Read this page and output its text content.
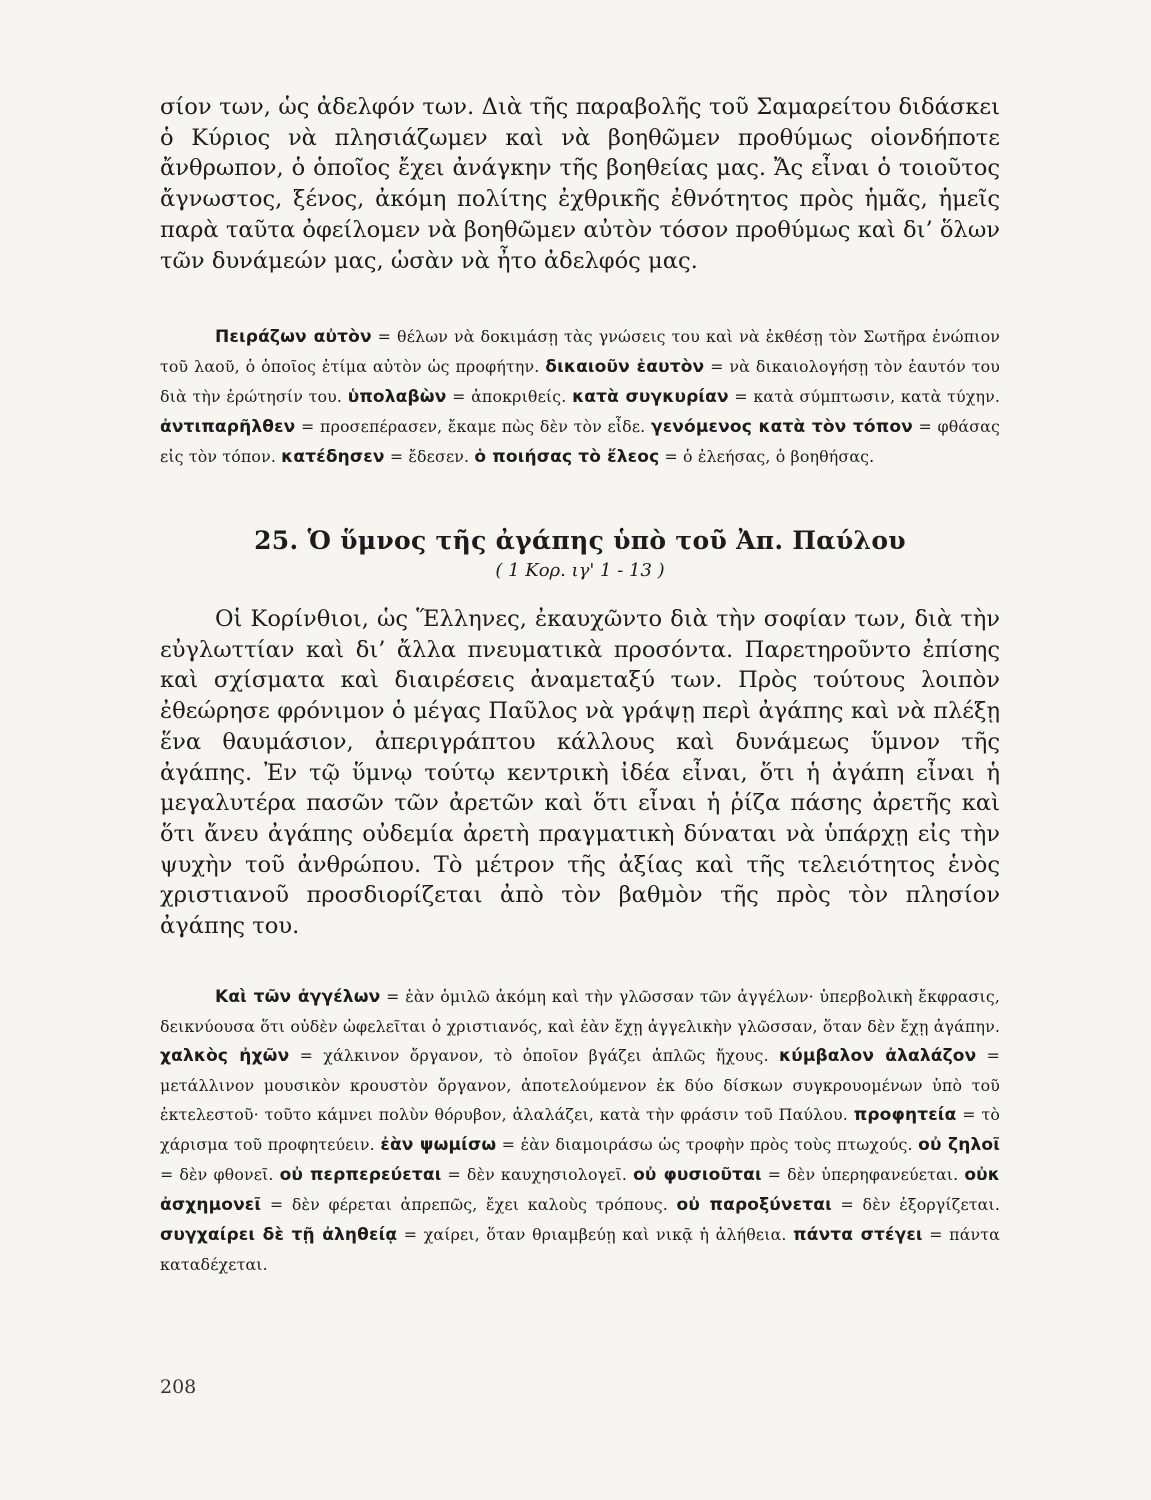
σίον των, ὡς ἀδελφόν των. Διὰ τῆς παραβολῆς τοῦ Σαμαρείτου διδάσκει ὁ Κύριος νὰ πλησιάζωμεν καὶ νὰ βοηθῶμεν προθύμως οἱονδήποτε ἄνθρωπον, ὁ ὁποῖος ἔχει ἀνάγκην τῆς βοηθείας μας. Ἄς εἶναι ὁ τοιοῦτος ἄγνωστος, ξένος, ἀκόμη πολίτης ἐχθρικῆς ἐθνότητος πρὸς ἡμᾶς, ἡμεῖς παρὰ ταῦτα ὀφείλομεν νὰ βοηθῶμεν αὐτὸν τόσον προθύμως καὶ δι’ ὅλων τῶν δυνάμεών μας, ὡσὰν νὰ ἦτο ἀδελφός μας.

Πειράζων αὐτὸν = θέλων νὰ δοκιμάσῃ τὰς γνώσεις του καὶ νὰ ἐκθέσῃ τὸν Σωτῆρα ἐνώπιον τοῦ λαοῦ, ὁ ὁποῖος ἐτίμα αὐτὸν ὡς προφήτην. δικαιοῦν ἑαυτὸν = νὰ δικαιολογήσῃ τὸν ἑαυτόν του διὰ τὴν ἐρώτησίν του. ὑπολαβὼν = ἀποκριθείς. κατὰ συγκυρίαν = κατὰ σύμπτωσιν, κατὰ τύχην. ἀντιπαρῆλθεν = προσεπέρασεν, ἔκαμε πὼς δὲν τὸν εἶδε. γενόμενος κατὰ τὸν τόπον = φθάσας εἰς τὸν τόπον. κατέδησεν = ἔδεσεν. ὁ ποιήσας τὸ ἔλεος = ὁ ἐλεήσας, ὁ βοηθήσας.

25. Ὁ ὕμνος τῆς ἀγάπης ὑπὸ τοῦ Ἀπ. Παύλου

( 1 Κορ. ιγ' 1 - 13 )

Οἱ Κορίνθιοι, ὡς Ἕλληνες, ἐκαυχῶντο διὰ τὴν σοφίαν των, διὰ τὴν εὐγλωττίαν καὶ δι’ ἄλλα πνευματικὰ προσόντα. Παρετηροῦντο ἐπίσης καὶ σχίσματα καὶ διαιρέσεις ἀναμεταξύ των. Πρὸς τούτους λοιπὸν ἐθεώρησε φρόνιμον ὁ μέγας Παῦλος νὰ γράψῃ περὶ ἀγάπης καὶ νὰ πλέξῃ ἕνα θαυμάσιον, ἀπεριγράπτου κάλλους καὶ δυνάμεως ὕμνον τῆς ἀγάπης. Ἐν τῷ ὕμνῳ τούτῳ κεντρικὴ ἰδέα εἶναι, ὅτι ἡ ἀγάπη εἶναι ἡ μεγαλυτέρα πασῶν τῶν ἀρετῶν καὶ ὅτι εἶναι ἡ ῥίζα πάσης ἀρετῆς καὶ ὅτι ἄνευ ἀγάπης οὐδεμία ἀρετὴ πραγματικὴ δύναται νὰ ὑπάρχῃ εἰς τὴν ψυχὴν τοῦ ἀνθρώπου. Τὸ μέτρον τῆς ἀξίας καὶ τῆς τελειότητος ἑνὸς χριστιανοῦ προσδιορίζεται ἀπὸ τὸν βαθμὸν τῆς πρὸς τὸν πλησίον ἀγάπης του.

Καὶ τῶν ἀγγέλων = ἐὰν ὁμιλῶ ἀκόμη καὶ τὴν γλῶσσαν τῶν ἀγγέλων· ὑπερβολικὴ ἔκφρασις, δεικνύουσα ὅτι οὐδὲν ὠφελεῖται ὁ χριστιανός, καὶ ἐὰν ἔχῃ ἀγγελικὴν γλῶσσαν, ὅταν δὲν ἔχῃ ἀγάπην. χαλκὸς ἠχῶν = χάλκινον ὄργανον, τὸ ὁποῖον βγάζει ἁπλῶς ἤχους. κύμβαλον ἀλαλάζον = μετάλλινον μουσικὸν κρουστὸν ὄργανον, ἀποτελούμενον ἐκ δύο δίσκων συγκρουομένων ὑπὸ τοῦ ἐκτελεστοῦ· τοῦτο κάμνει πολὺν θόρυβον, ἀλαλάζει, κατὰ τὴν φράσιν τοῦ Παύλου. προφητεία = τὸ χάρισμα τοῦ προφητεύειν. ἐὰν ψωμίσω = ἐὰν διαμοιράσω ὡς τροφὴν πρὸς τοὺς πτωχούς. οὐ ζηλοῖ = δὲν φθονεῖ. οὐ περπερεύεται = δὲν καυχησιολογεῖ. οὐ φυσιοῦται = δὲν ὑπερηφανεύεται. οὐκ ἀσχημονεῖ = δὲν φέρεται ἀπρεπῶς, ἔχει καλοὺς τρόπους. οὐ παροξύνεται = δὲν ἐξοργίζεται. συγχαίρει δὲ τῇ ἀληθείᾳ = χαίρει, ὅταν θριαμβεύῃ καὶ νικᾷ ἡ ἀλήθεια. πάντα στέγει = πάντα καταδέχεται.

208
